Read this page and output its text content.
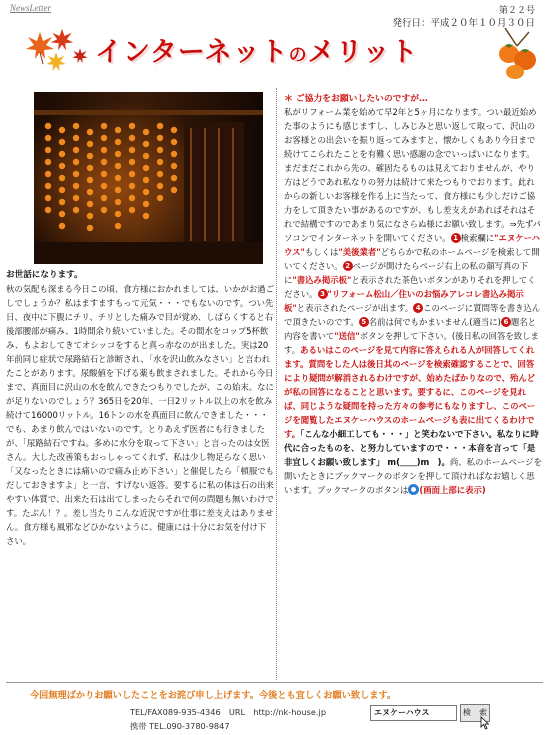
NewsLetter	第２２号
発行日：平成２０年１０月３０日
インターネットのメリット
お世話になります。
秋の気配も深まる今日この頃、食方様におかれましては、いかがお過ごしでしょうか？私はますますもって元気・・・でもないのです。つい先日、夜中に下腹にチリ、チリとした痛みで目が覚め、しばらくすると右後部腰部が痛み、1時間余り続いていました。その間水をコップ5杯飲み、もよおしてきてオシッコをすると真っ赤なのが出ました。実は20年前同じ症状で尿路結石と診断され、「水を沢山飲みなさい」と言われたことがあります。尿酸値を下げる薬も飲まされました。それから今日まで、真面目に沢山の水を飲んできたつもりでしたが、この始末。なにが足りないのでしょう？365日を20年、一日2リットル以上の水を飲み続けて16000リットル。16トンの水を真面目に飲んできました・・・でも、あまり飲んではいないのです。とりあえず医者にも行きましたが、「尿路結石ですね。多めに水分を取って下さい」と言ったのは女医さん。大した改善策もおっしゃってくれず、私は少し物足らなく思い「又なったときには痛いので痛み止め下さい」と催促したら「頓服でもだしておきますよ」と一言、すげない返答。要するに私の体は石の出来やすい体質で、出来た石は出てしまったらそれで何の問題も無いわけです。たぶん！？。差し当たりこんな近況ですが仕事に差支えはありません。食方様も風邪などひかないように、健康には十分にお気を付け下さい。
＊ ご協力をお願いしたいのですが…
私がリフォーム業を始めて早2年と5ヶ月になります。つい最近始めた事のようにも感じますし、しみじみと思い返して取って、沢山のお客様との出会いを振り返ってみますと、懐かしくもあり今日まで続けてこられたことを有難く思い感謝の念でいっぱいになります。まだまだこれから先の、確固たるものは見えておりませんが、やり方はどうであれ私なりの努力は続けて来たつもりでおります。此れからの新しいお客様を作る上に当たって、食方様にも少しだけご協力をして頂きたい事があるのですが、もし差支えがあればそれはそれで結構ですのであまり気になさらぬ様にお願い致します。⇒先ずパソコンでインターネットを開いてください。 1 検索欄に"エヌケーハウス"もしくは"美後業者"どちらかで私のホームページを検索して開いてください。 2 ページが開けたらページ右上の私の顔写真の下に"書込み掲示板"と表示された茶色いボタンがありそれを押してください。 3 "リフォーム松山／住いのお悩みアレコレ書込み掲示板"と表示されたページが出ます。 4 このページに質問等を書き込んで頂きたいのです。 5 名前は何でもかまいません(適当に) 6 題名と内容を書いて"送信"ボタンを押して下さい。(後日私の回答を致します。あるいはこのページを見て内容に答えられる人が回答してくれます。質問をした人は後日其のページを検索確認することで、回答により疑問が解消されるわけですが、始めたばかりなので、殆んどが私の回答になることと思います。要するに、このページを見れば、同じような疑問を持った方々の参考にもなりますし、このページを閲覧したエヌケーハウスのホームページも表に出てくるわけです。「こんな小細工しても・・・」と笑わないで下さい。私なりに時代に合ったものを、と努力していますので・・・本音を言って「是非宜しくお願い致します」 m(＿＿)m　)。尚、私のホームページを開いたときにブックマークのボタンを押して頂ければなお嬉しく思います。ブックマークのボタンは (画面上部に表示)
今回無理ばかりお願いしたことをお詫び申し上げます。今後とも宜しくお願い致します。
TEL/FAX089-935-4346　URL　http://nk-house.jp
携帯 TEL.090-3780-9847
エヌケーハウス	検　索
